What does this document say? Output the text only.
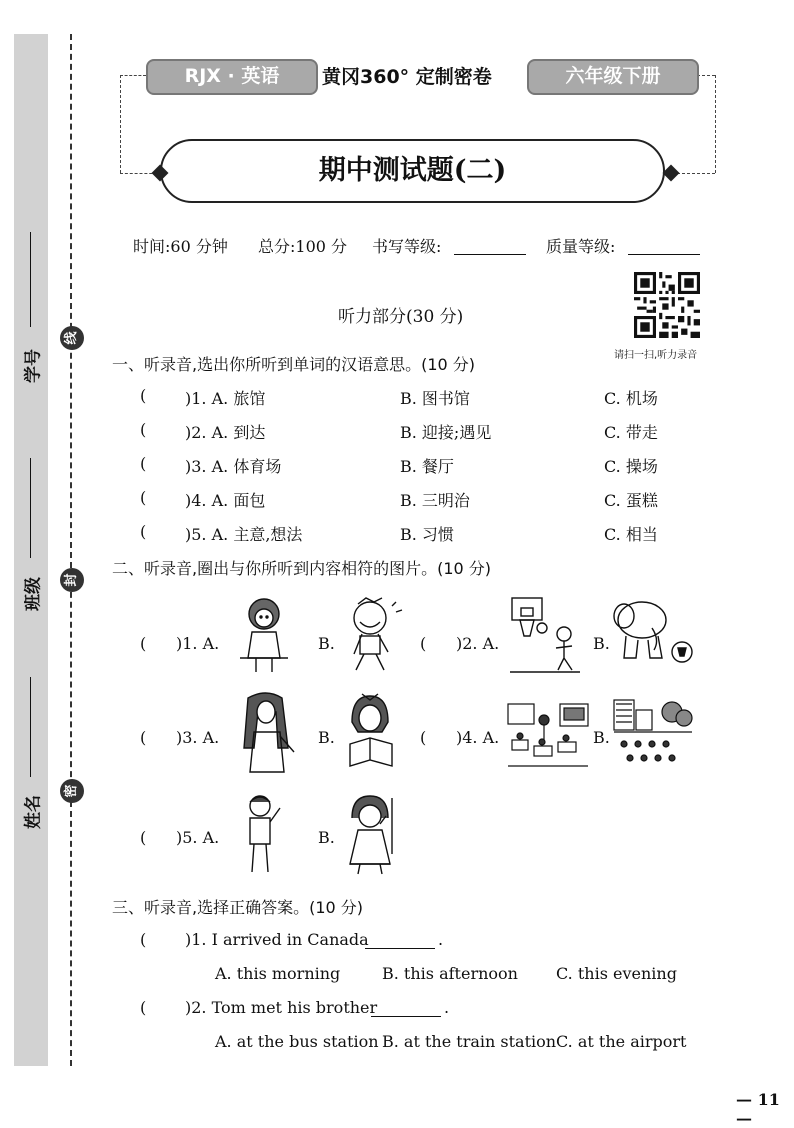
学号
班级
姓名
线
封
密
RJX · 英语	黄冈360° 定制密卷	六年级下册
期中测试题(二)
时间:60 分钟 总分:100 分 书写等级:	质量等级:
请扫一扫,听力录音
听力部分(30 分)
一、听录音,选出你所听到单词的汉语意思。(10 分)
( )1. A. 旅馆	B. 图书馆	C. 机场
( )2. A. 到达	B. 迎接;遇见	C. 带走
( )3. A. 体育场	B. 餐厅	C. 操场
( )4. A. 面包	B. 三明治	C. 蛋糕
( )5. A. 主意,想法	B. 习惯	C. 相当
二、听录音,圈出与你所听到内容相符的图片。(10 分)
( )1. A.	B.	( )2. A.	B.
( )3. A.	B.	( )4. A.	B.
( )5. A.	B.
三、听录音,选择正确答案。(10 分)
( )1. I arrived in Canada	.
A. this morning	B. this afternoon C. this evening
( )2. Tom met his brother	.
A. at the bus station B. at the train station C. at the airport
— 11 —
